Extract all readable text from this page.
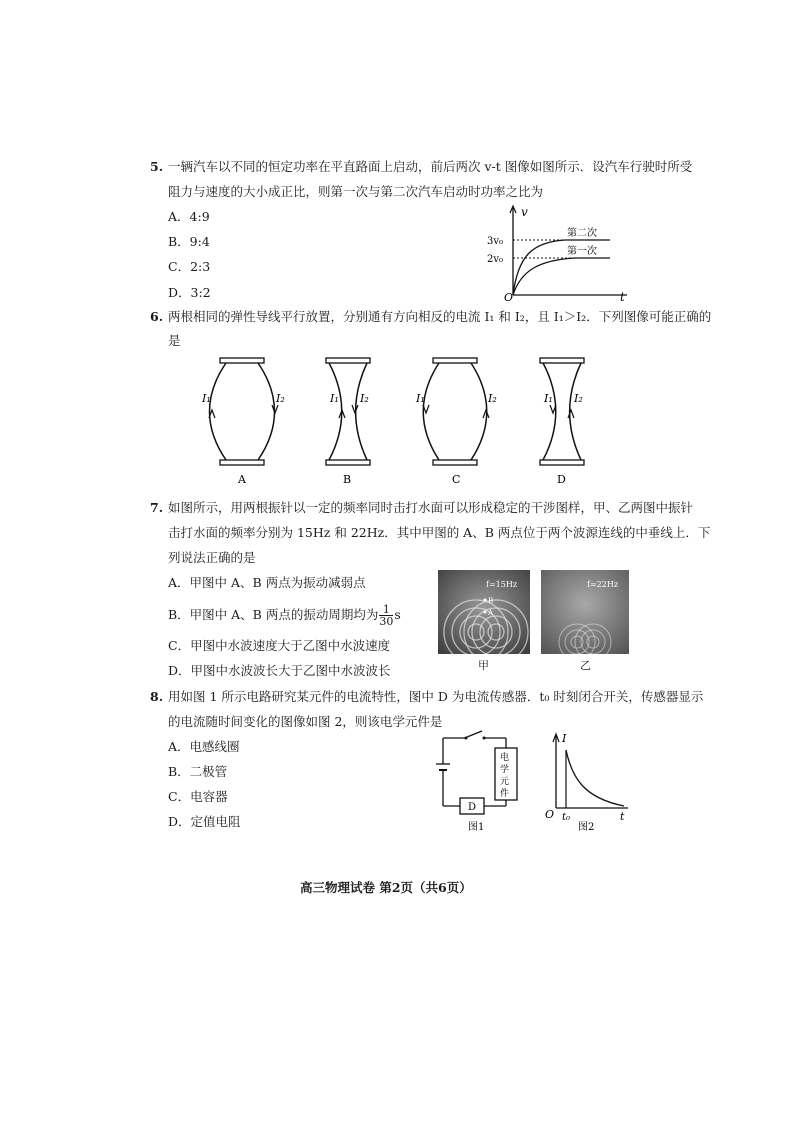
5. 一辆汽车以不同的恒定功率在平直路面上启动，前后两次 v-t 图像如图所示．设汽车行驶时所受
阻力与速度的大小成正比，则第一次与第二次汽车启动时功率之比为
A．4:9
B．9:4
C．2:3
D．3:2
v
t
O
3v₀
2v₀
第二次
第一次
6. 两根相同的弹性导线平行放置，分别通有方向相反的电流 I₁ 和 I₂，且 I₁＞I₂．下列图像可能正确的
是
I₁	I₂
A
I₁ I₂
B
I₁	I₂
C
I₁ I₂
D
7. 如图所示，用两根振针以一定的频率同时击打水面可以形成稳定的干涉图样，甲、乙两图中振针
击打水面的频率分别为 15Hz 和 22Hz．其中甲图的 A、B 两点位于两个波源连线的中垂线上．下
列说法正确的是
A．甲图中 A、B 两点为振动减弱点
B．甲图中 A、B 两点的振动周期均为 $\frac{1}{30}$ s
C．甲图中水波速度大于乙图中水波速度
D．甲图中水波波长大于乙图中水波波长
B
A
f=15Hz
甲
f=22Hz
乙
8. 用如图 1 所示电路研究某元件的电流特性，图中 D 为电流传感器．t₀ 时刻闭合开关，传感器显示
的电流随时间变化的图像如图 2，则该电学元件是
A．电感线圈
B．二极管
C．电容器
D．定值电阻
电
学
元
件
D
图1
I
t
O t₀
图2
高三物理试卷 第2页（共6页）
